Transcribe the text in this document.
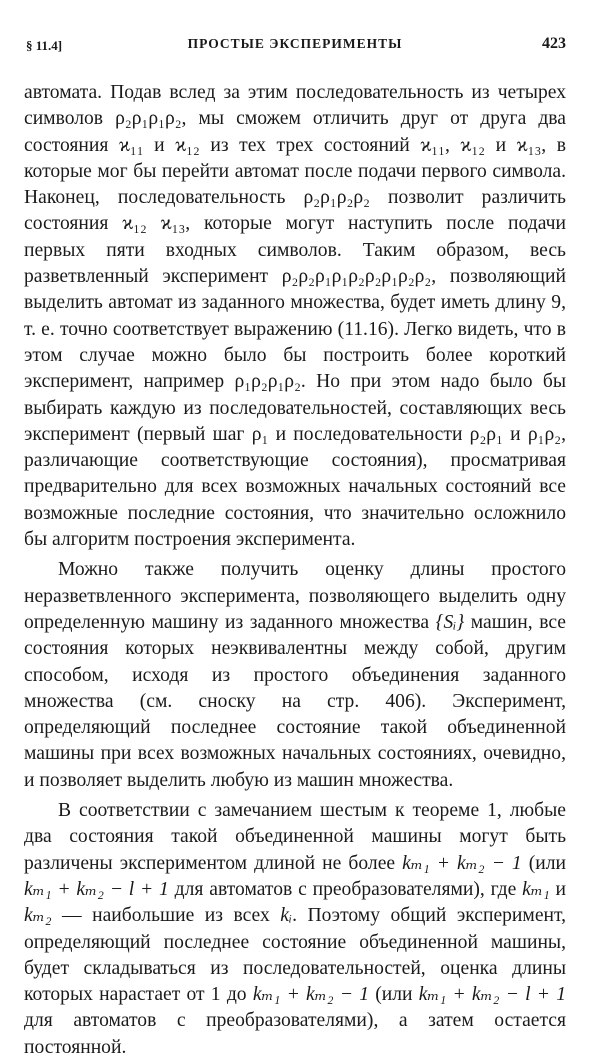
§ 11.4]	ПРОСТЫЕ ЭКСПЕРИМЕНТЫ	423

автомата. Подав вслед за этим последовательность из четырех символов ρ₂ρ₁ρ₁ρ₂, мы сможем отличить друг от друга два состояния ϰ₁₁ и ϰ₁₂ из тех трех состояний ϰ₁₁, ϰ₁₂ и ϰ₁₃, в которые мог бы перейти автомат после подачи первого символа. Наконец, последовательность ρ₂ρ₁ρ₂ρ₂ позволит различить состояния ϰ₁₂ ϰ₁₃, которые могут наступить после подачи первых пяти входных символов. Таким образом, весь разветвленный эксперимент ρ₂ρ₂ρ₁ρ₁ρ₂ρ₂ρ₁ρ₂ρ₂, позволяющий выделить автомат из заданного множества, будет иметь длину 9, т. е. точно соответствует выражению (11.16). Легко видеть, что в этом случае можно было бы построить более короткий эксперимент, например ρ₁ρ₂ρ₁ρ₂. Но при этом надо было бы выбирать каждую из последовательностей, составляющих весь эксперимент (первый шаг ρ₁ и последовательности ρ₂ρ₁ и ρ₁ρ₂, различающие соответствующие состояния), просматривая предварительно для всех возможных начальных состояний все возможные последние состояния, что значительно осложнило бы алгоритм построения эксперимента.

Можно также получить оценку длины простого неразветвленного эксперимента, позволяющего выделить одну определенную машину из заданного множества {Sᵢ} машин, все состояния которых неэквивалентны между собой, другим способом, исходя из простого объединения заданного множества (см. сноску на стр. 406). Эксперимент, определяющий последнее состояние такой объединенной машины при всех возможных начальных состояниях, очевидно, и позволяет выделить любую из машин множества.

В соответствии с замечанием шестым к теореме 1, любые два состояния такой объединенной машины могут быть различены экспериментом длиной не более kₘ₁ + kₘ₂ − 1 (или kₘ₁ + kₘ₂ − l + 1 для автоматов с преобразователями), где kₘ₁ и kₘ₂ — наибольшие из всех kᵢ. Поэтому общий эксперимент, определяющий последнее состояние объединенной машины, будет складываться из последовательностей, оценка длины которых нарастает от 1 до kₘ₁ + kₘ₂ − 1 (или kₘ₁ + kₘ₂ − l + 1 для автоматов с преобразователями), а затем остается постоянной.
